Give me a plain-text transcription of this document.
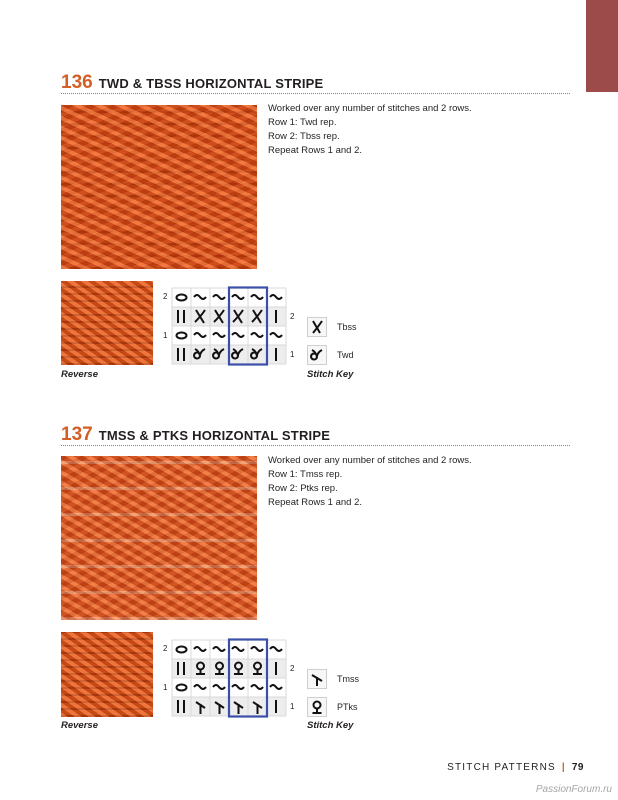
136 TWD & TBSS HORIZONTAL STRIPE
Worked over any number of stitches and 2 rows.
Row 1: Twd rep.
Row 2: Tbss rep.
Repeat Rows 1 and 2.
Reverse
2
1
2
1
Tbss
Twd
Stitch Key
137 TMSS & PTKS HORIZONTAL STRIPE
Worked over any number of stitches and 2 rows.
Row 1: Tmss rep.
Row 2: Ptks rep.
Repeat Rows 1 and 2.
Reverse
2
1
2
1
Tmss
PTks
Stitch Key
STITCH PATTERNS | 79
PassionForum.ru
